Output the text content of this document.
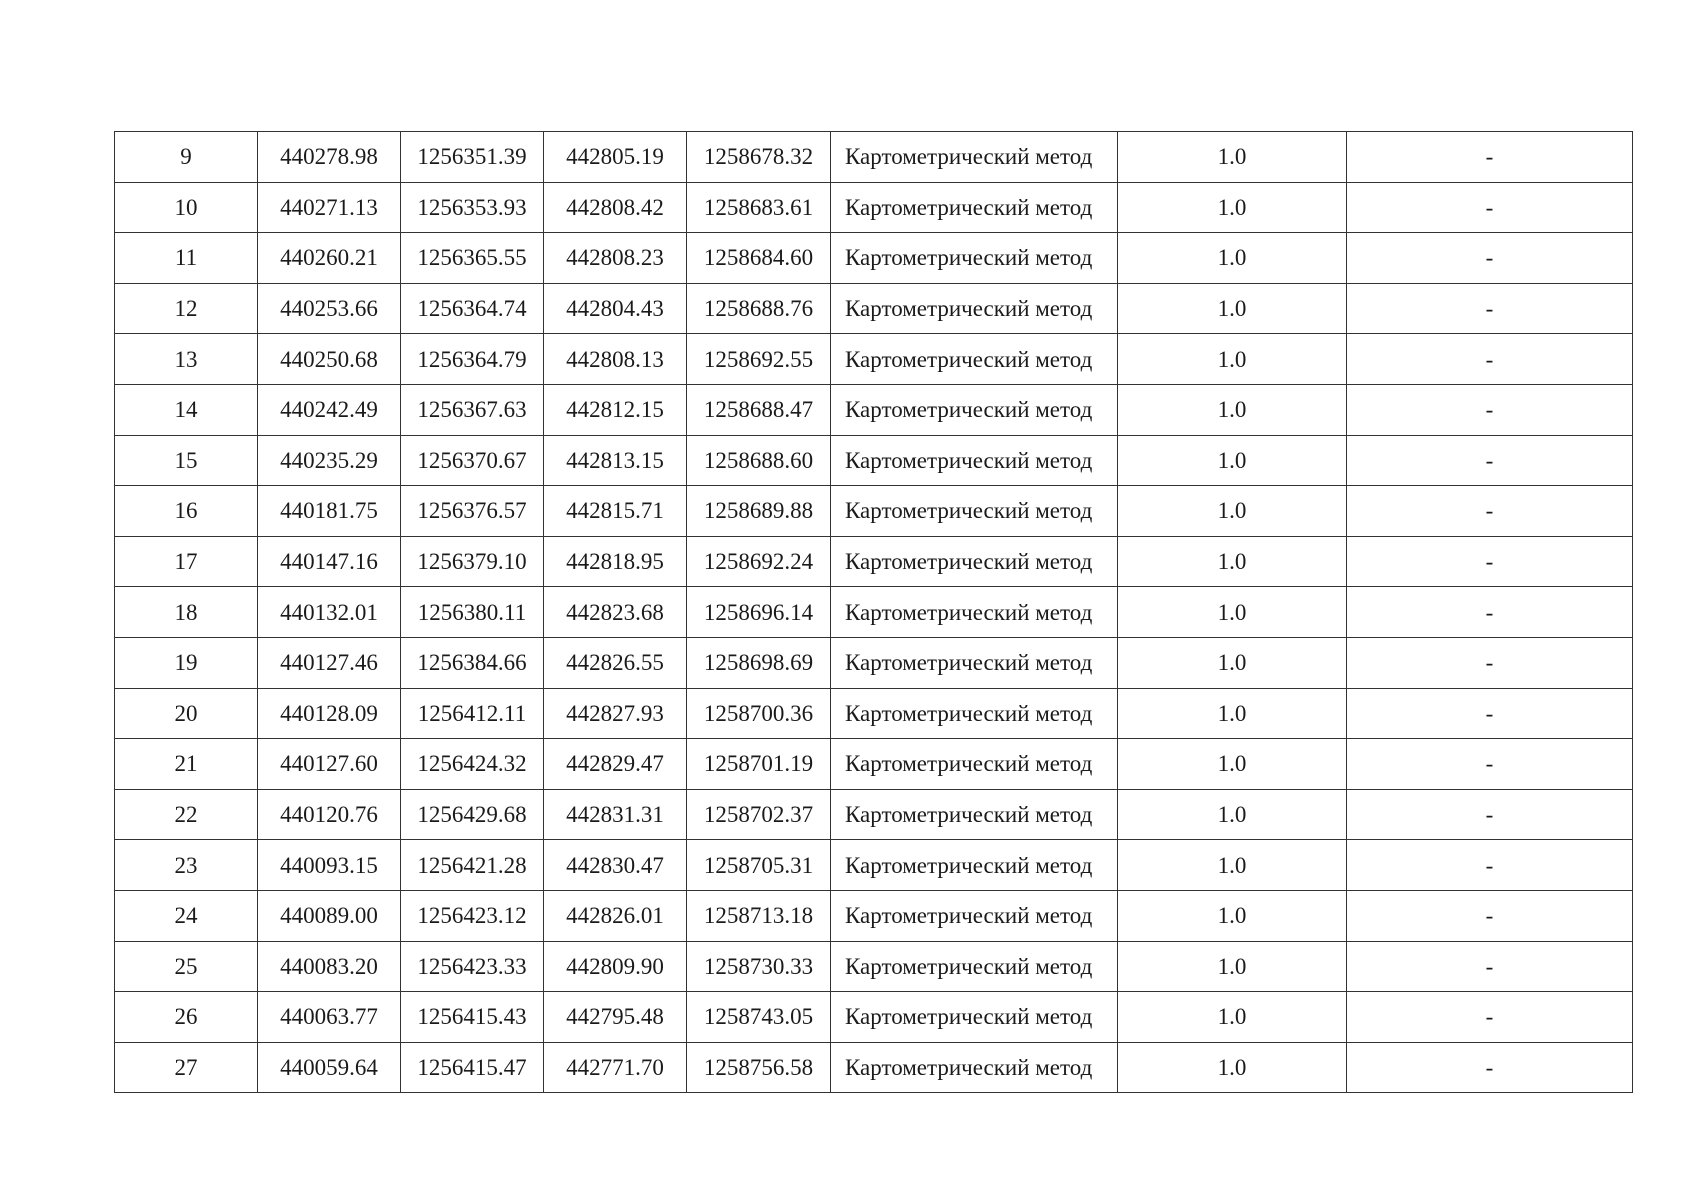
9	440278.98	1256351.39	442805.19	1258678.32	Картометрический метод	1.0	-
10	440271.13	1256353.93	442808.42	1258683.61	Картометрический метод	1.0	-
11	440260.21	1256365.55	442808.23	1258684.60	Картометрический метод	1.0	-
12	440253.66	1256364.74	442804.43	1258688.76	Картометрический метод	1.0	-
13	440250.68	1256364.79	442808.13	1258692.55	Картометрический метод	1.0	-
14	440242.49	1256367.63	442812.15	1258688.47	Картометрический метод	1.0	-
15	440235.29	1256370.67	442813.15	1258688.60	Картометрический метод	1.0	-
16	440181.75	1256376.57	442815.71	1258689.88	Картометрический метод	1.0	-
17	440147.16	1256379.10	442818.95	1258692.24	Картометрический метод	1.0	-
18	440132.01	1256380.11	442823.68	1258696.14	Картометрический метод	1.0	-
19	440127.46	1256384.66	442826.55	1258698.69	Картометрический метод	1.0	-
20	440128.09	1256412.11	442827.93	1258700.36	Картометрический метод	1.0	-
21	440127.60	1256424.32	442829.47	1258701.19	Картометрический метод	1.0	-
22	440120.76	1256429.68	442831.31	1258702.37	Картометрический метод	1.0	-
23	440093.15	1256421.28	442830.47	1258705.31	Картометрический метод	1.0	-
24	440089.00	1256423.12	442826.01	1258713.18	Картометрический метод	1.0	-
25	440083.20	1256423.33	442809.90	1258730.33	Картометрический метод	1.0	-
26	440063.77	1256415.43	442795.48	1258743.05	Картометрический метод	1.0	-
27	440059.64	1256415.47	442771.70	1258756.58	Картометрический метод	1.0	-
